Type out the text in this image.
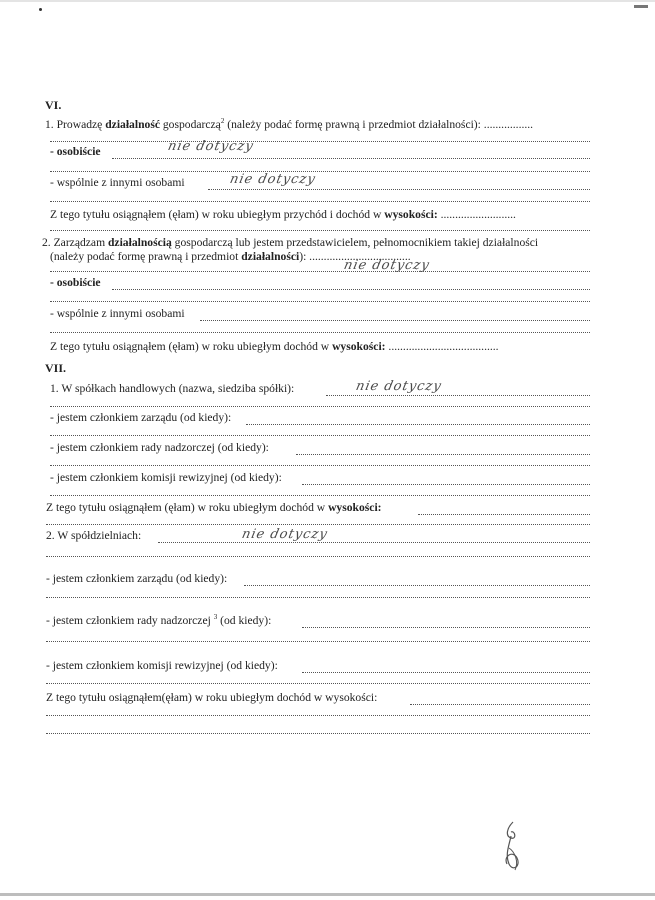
VI.
1. Prowadzę działalność gospodarczą$^2$ (należy podać formę prawną i przedmiot działalności): .................
- osobiście	nie dotyczy
- wspólnie z innymi osobami	nie dotyczy
Z tego tytułu osiągnąłem (ęłam) w roku ubiegłym przychód i dochód w wysokości: ..........................
2. Zarządzam działalnością gospodarczą lub jestem przedstawicielem, pełnomocnikiem takiej działalności
(należy podać formę prawną i przedmiot działalności): ...................................
nie dotyczy
- osobiście
- wspólnie z innymi osobami
Z tego tytułu osiągnąłem (ęłam) w roku ubiegłym dochód w wysokości: ......................................
VII.
1. W spółkach handlowych (nazwa, siedziba spółki):	nie dotyczy
- jestem członkiem zarządu (od kiedy):
- jestem członkiem rady nadzorczej (od kiedy):
- jestem członkiem komisji rewizyjnej (od kiedy):
Z tego tytułu osiągnąłem (ęłam) w roku ubiegłym dochód w wysokości:
2. W spółdzielniach:	nie dotyczy
- jestem członkiem zarządu (od kiedy):
- jestem członkiem rady nadzorczej $^3$ (od kiedy):
- jestem członkiem komisji rewizyjnej (od kiedy):
Z tego tytułu osiągnąłem(ęłam) w roku ubiegłym dochód w wysokości:
